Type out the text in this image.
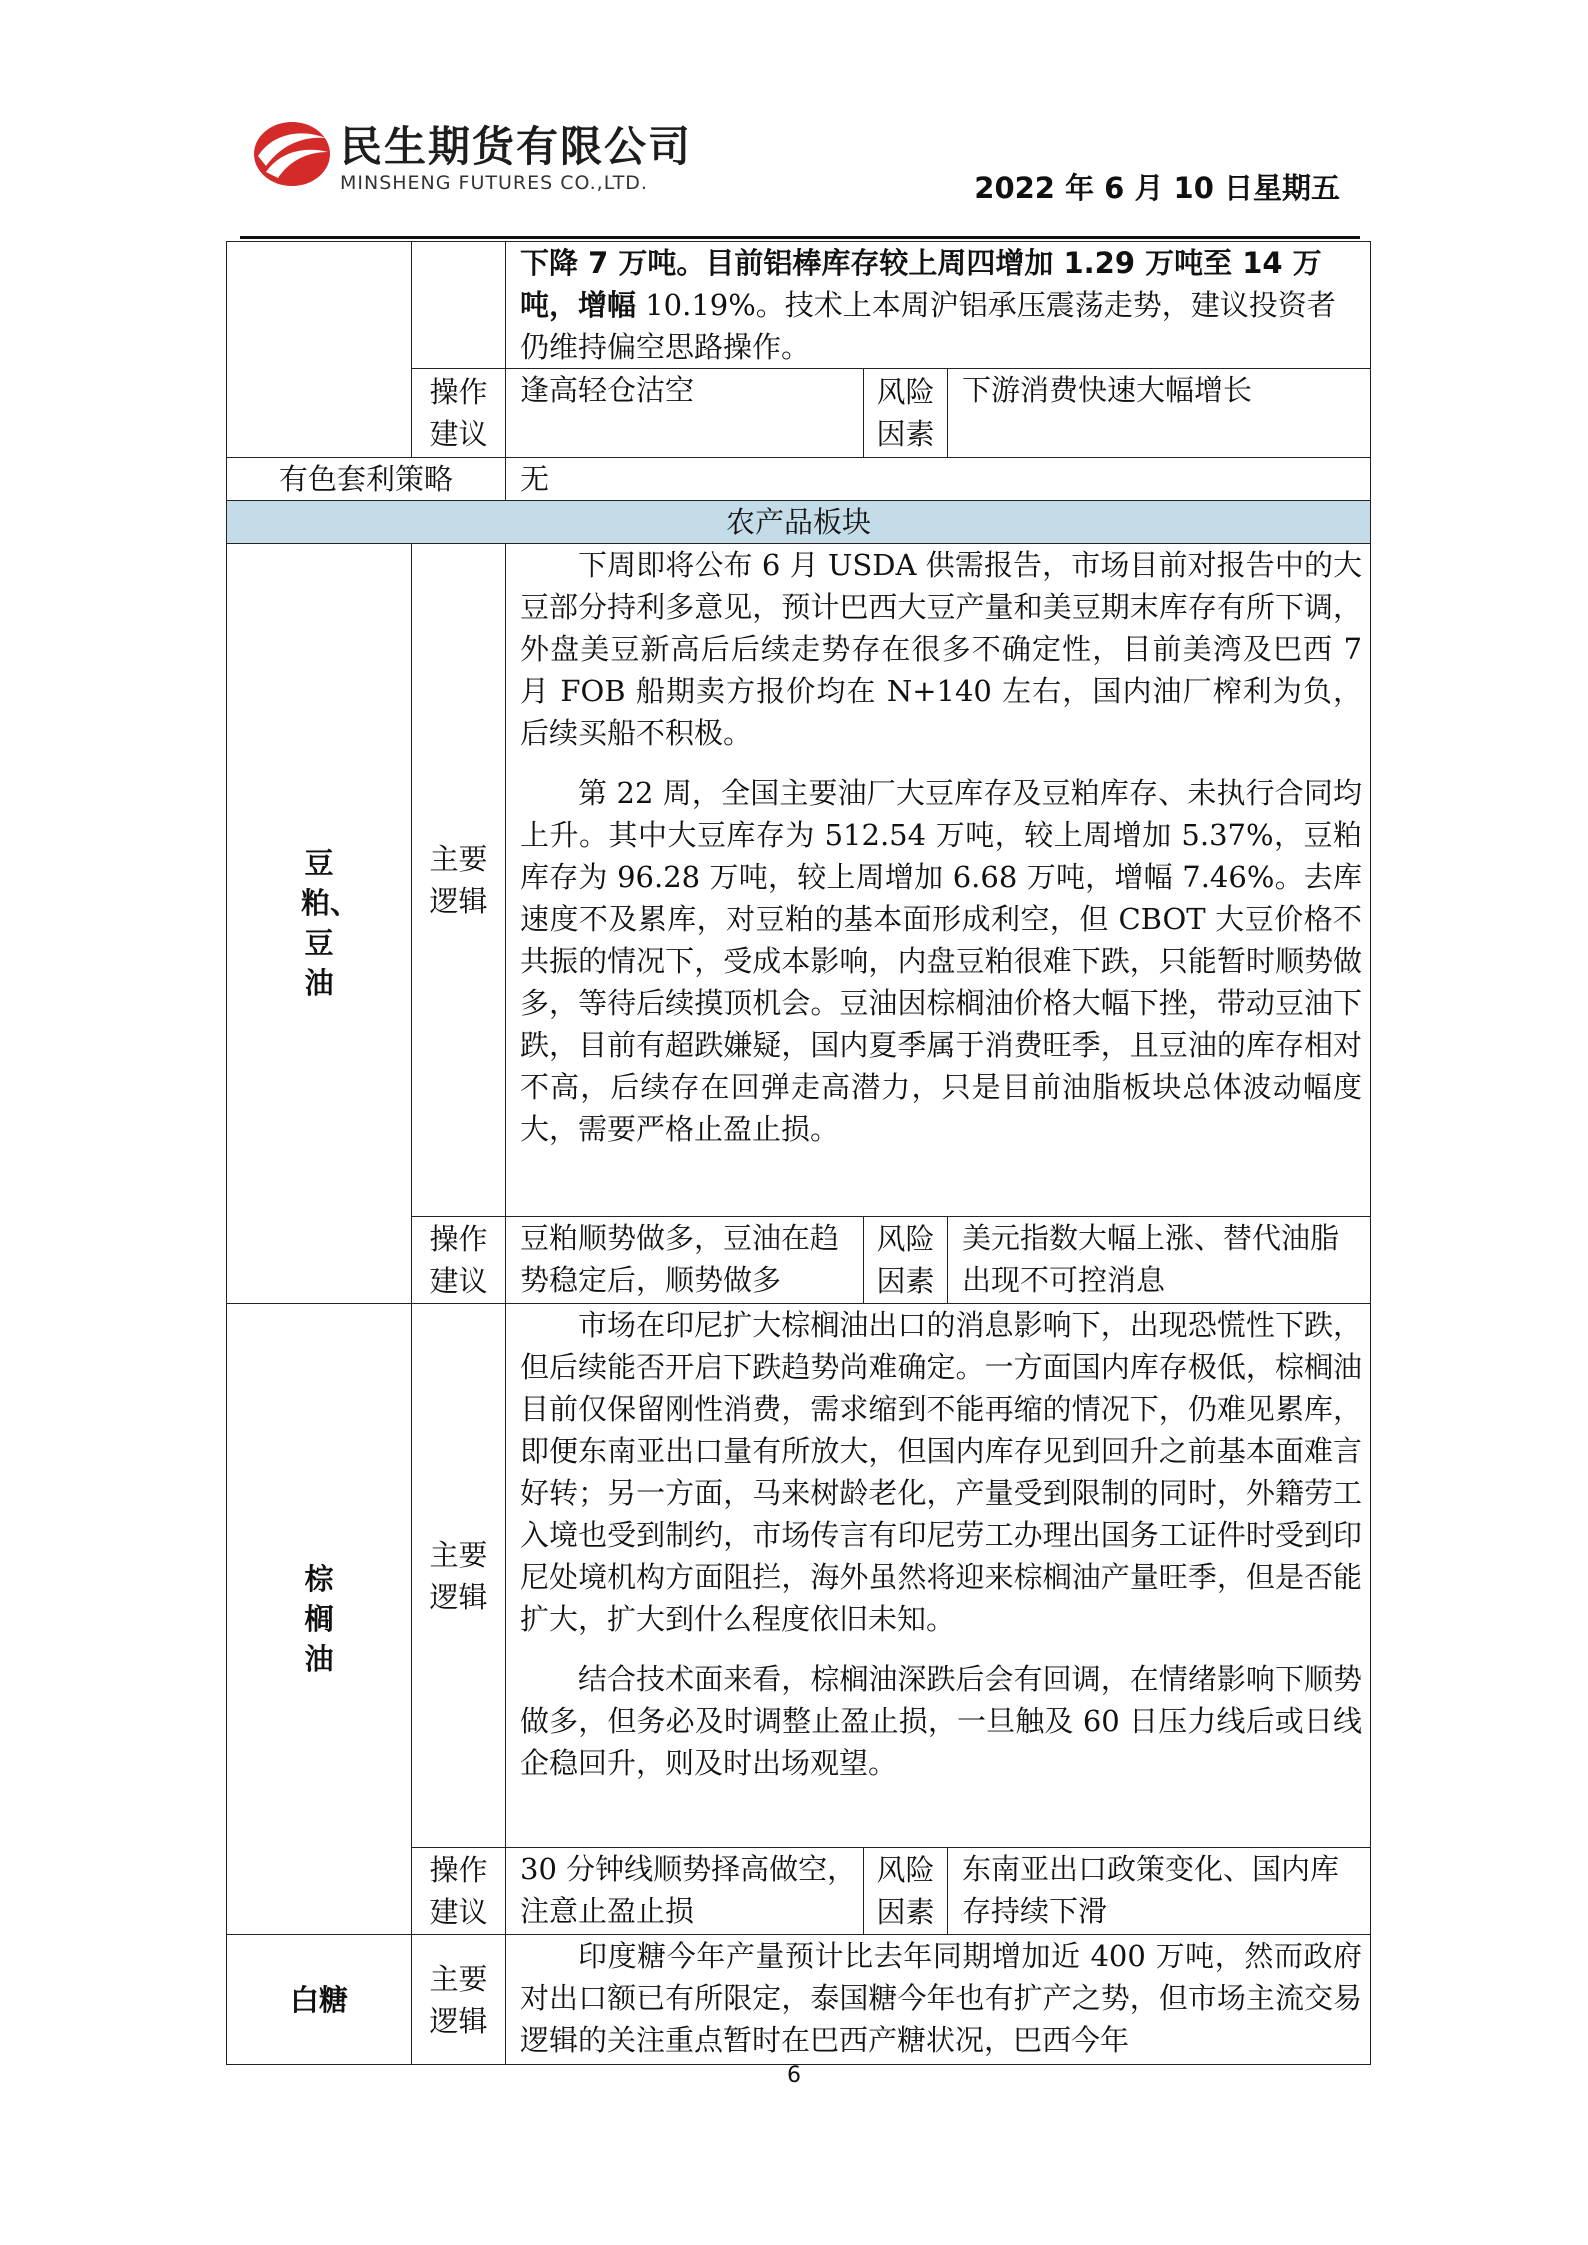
民生期货有限公司
MINSHENG FUTURES CO.,LTD.	2022 年 6 月 10 日星期五
		下降 7 万吨。目前铝棒库存较上周四增加 1.29 万吨至 14 万吨，增幅 10.19%。技术上本周沪铝承压震荡走势，建议投资者仍维持偏空思路操作。		
	操作建议	逢高轻仓沽空	风险因素	下游消费快速大幅增长
有色套利策略		无		
农产品板块				
豆粕、豆油	主要逻辑	下周即将公布 6 月 USDA 供需报告，市场目前对报告中的大豆部分持利多意见，预计巴西大豆产量和美豆期末库存有所下调，外盘美豆新高后后续走势存在很多不确定性，目前美湾及巴西 7 月 FOB 船期卖方报价均在 N+140 左右，国内油厂榨利为负，后续买船不积极。

第 22 周，全国主要油厂大豆库存及豆粕库存、未执行合同均上升。其中大豆库存为 512.54 万吨，较上周增加 5.37%，豆粕库存为 96.28 万吨，较上周增加 6.68 万吨，增幅 7.46%。去库速度不及累库，对豆粕的基本面形成利空，但 CBOT 大豆价格不共振的情况下，受成本影响，内盘豆粕很难下跌，只能暂时顺势做多，等待后续摸顶机会。豆油因棕榈油价格大幅下挫，带动豆油下跌，目前有超跌嫌疑，国内夏季属于消费旺季，且豆油的库存相对不高，后续存在回弹走高潜力，只是目前油脂板块总体波动幅度大，需要严格止盈止损。		

	操作建议	豆粕顺势做多，豆油在趋势稳定后，顺势做多	风险因素	美元指数大幅上涨、替代油脂出现不可控消息
棕榈油	主要逻辑	市场在印尼扩大棕榈油出口的消息影响下，出现恐慌性下跌，但后续能否开启下跌趋势尚难确定。一方面国内库存极低，棕榈油目前仅保留刚性消费，需求缩到不能再缩的情况下，仍难见累库，即便东南亚出口量有所放大，但国内库存见到回升之前基本面难言好转；另一方面，马来树龄老化，产量受到限制的同时，外籍劳工入境也受到制约，市场传言有印尼劳工办理出国务工证件时受到印尼处境机构方面阻拦，海外虽然将迎来棕榈油产量旺季，但是否能扩大，扩大到什么程度依旧未知。

结合技术面来看，棕榈油深跌后会有回调，在情绪影响下顺势做多，但务必及时调整止盈止损，一旦触及 60 日压力线后或日线企稳回升，则及时出场观望。		

	操作建议	30 分钟线顺势择高做空，注意止盈止损	风险因素	东南亚出口政策变化、国内库存持续下滑
白糖	主要逻辑	印度糖今年产量预计比去年同期增加近 400 万吨，然而政府对出口额已有所限定，泰国糖今年也有扩产之势，但市场主流交易逻辑的关注重点暂时在巴西产糖状况，巴西今年		

6
